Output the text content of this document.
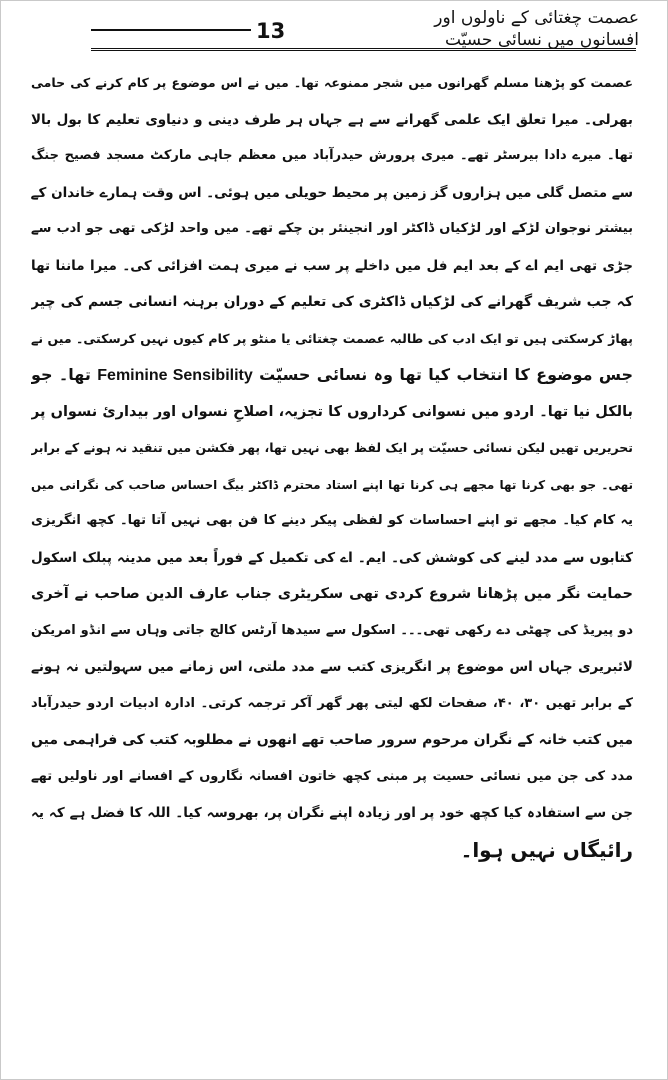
عصمت چغتائی کے ناولوں اور
افسانوں میں نسائی حسیّت
13
عصمت کو پڑھنا مسلم گھرانوں میں شجر ممنوعہ تھا۔ میں نے اس موضوع پر کام کرنے کی حامی
بھرلی۔ میرا تعلق ایک علمی گھرانے سے ہے جہاں ہر طرف دینی و دنیاوی تعلیم کا بول بالا
تھا۔ میرے دادا بیرسٹر تھے۔ میری پرورش حیدرآباد میں معظم جاہی مارکٹ مسجد فصیح جنگ
سے متصل گلی میں ہزاروں گز زمین پر محیط حویلی میں ہوئی۔ اس وقت ہمارے خاندان کے
بیشتر نوجوان لڑکے اور لڑکیاں ڈاکٹر اور انجینئر بن چکے تھے۔ میں واحد لڑکی تھی جو ادب سے
جڑی تھی ایم اے کے بعد ایم فل میں داخلے پر سب نے میری ہمت افزائی کی۔ میرا ماننا تھا
کہ جب شریف گھرانے کی لڑکیاں ڈاکٹری کی تعلیم کے دوران برہنہ انسانی جسم کی چیر
پھاڑ کرسکتی ہیں تو ایک ادب کی طالبہ عصمت چغتائی یا منٹو پر کام کیوں نہیں کرسکتی۔ میں نے
جس موضوع کا انتخاب کیا تھا وہ نسائی حسیّت Feminine Sensibility تھا۔ جو
بالکل نیا تھا۔ اردو میں نسوانی کرداروں کا تجزیہ، اصلاحِ نسواں اور بیداریٔ نسواں پر
تحریریں تھیں لیکن نسائی حسیّت پر ایک لفظ بھی نہیں تھا، پھر فکشن میں تنقید نہ ہونے کے برابر
تھی۔ جو بھی کرنا تھا مجھے ہی کرنا تھا اپنے استاد محترم ڈاکٹر بیگ احساس صاحب کی نگرانی میں
یہ کام کیا۔ مجھے تو اپنے احساسات کو لفظی پیکر دینے کا فن بھی نہیں آتا تھا۔ کچھ انگریزی
کتابوں سے مدد لینے کی کوشش کی۔ ایم۔ اے کی تکمیل کے فوراً بعد میں مدینہ پبلک اسکول
حمایت نگر میں پڑھانا شروع کردی تھی سکریٹری جناب عارف الدین صاحب نے آخری
دو پیریڈ کی چھٹی دے رکھی تھی۔۔۔ اسکول سے سیدھا آرٹس کالج جاتی وہاں سے انڈو امریکن
لائبریری جہاں اس موضوع پر انگریزی کتب سے مدد ملتی، اس زمانے میں سہولتیں نہ ہونے
کے برابر تھیں ۳۰، ۴۰، صفحات لکھ لیتی پھر گھر آکر ترجمہ کرتی۔ ادارہ ادبیات اردو حیدرآباد
میں کتب خانہ کے نگران مرحوم سرور صاحب تھے انھوں نے مطلوبہ کتب کی فراہمی میں
مدد کی جن میں نسائی حسیت پر مبنی کچھ خاتون افسانہ نگاروں کے افسانے اور ناولیں تھے
جن سے استفادہ کیا کچھ خود پر اور زیادہ اپنے نگران پر، بھروسہ کیا۔ اللہ کا فضل ہے کہ یہ
رائیگاں نہیں ہوا۔
